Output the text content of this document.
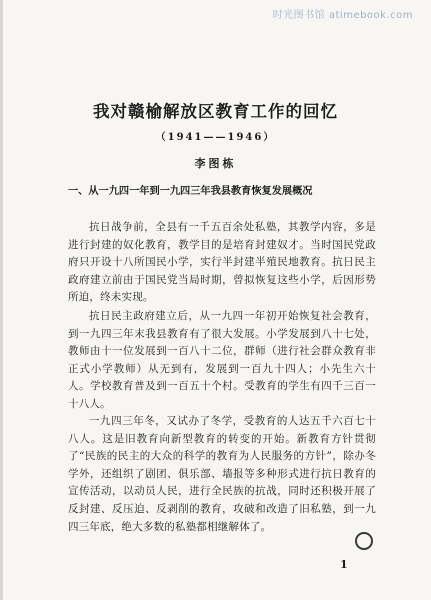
时光图书馆 atimebook.com
我对赣榆解放区教育工作的回忆
（1941——1946）
李图栋
一、从一九四一年到一九四三年我县教育恢复发展概况
抗日战争前，全县有一千五百余处私塾，其教学内容，多是进行封建的奴化教育，教学目的是培育封建奴才。当时国民党政府只开设十八所国民小学，实行半封建半殖民地教育。抗日民主政府建立前由于国民党当局时期，曾拟恢复这些小学，后因形势所迫，终未实现。
抗日民主政府建立后，从一九四一年初开始恢复社会教育，到一九四三年末我县教育有了很大发展。小学发展到八十七处，教师由十一位发展到一百八十二位，群师（进行社会群众教育非正式小学教师）从无到有，发展到一百九十四人；小先生六十人。学校教育普及到一百五十个村。受教育的学生有四千三百一十八人。
一九四三年冬，又试办了冬学，受教育的人达五千六百七十八人。这是旧教育向新型教育的转变的开始。新教育方针贯彻了“民族的民主的大众的科学的教育为人民服务的方针”，除办冬学外，还组织了剧团、俱乐部、墙报等多种形式进行抗日教育的宣传活动，以动员人民，进行全民族的抗战，同时还积极开展了反封建、反压迫、反剥削的教育，攻破和改造了旧私塾，到一九四三年底，绝大多数的私塾都相继解体了。
1
